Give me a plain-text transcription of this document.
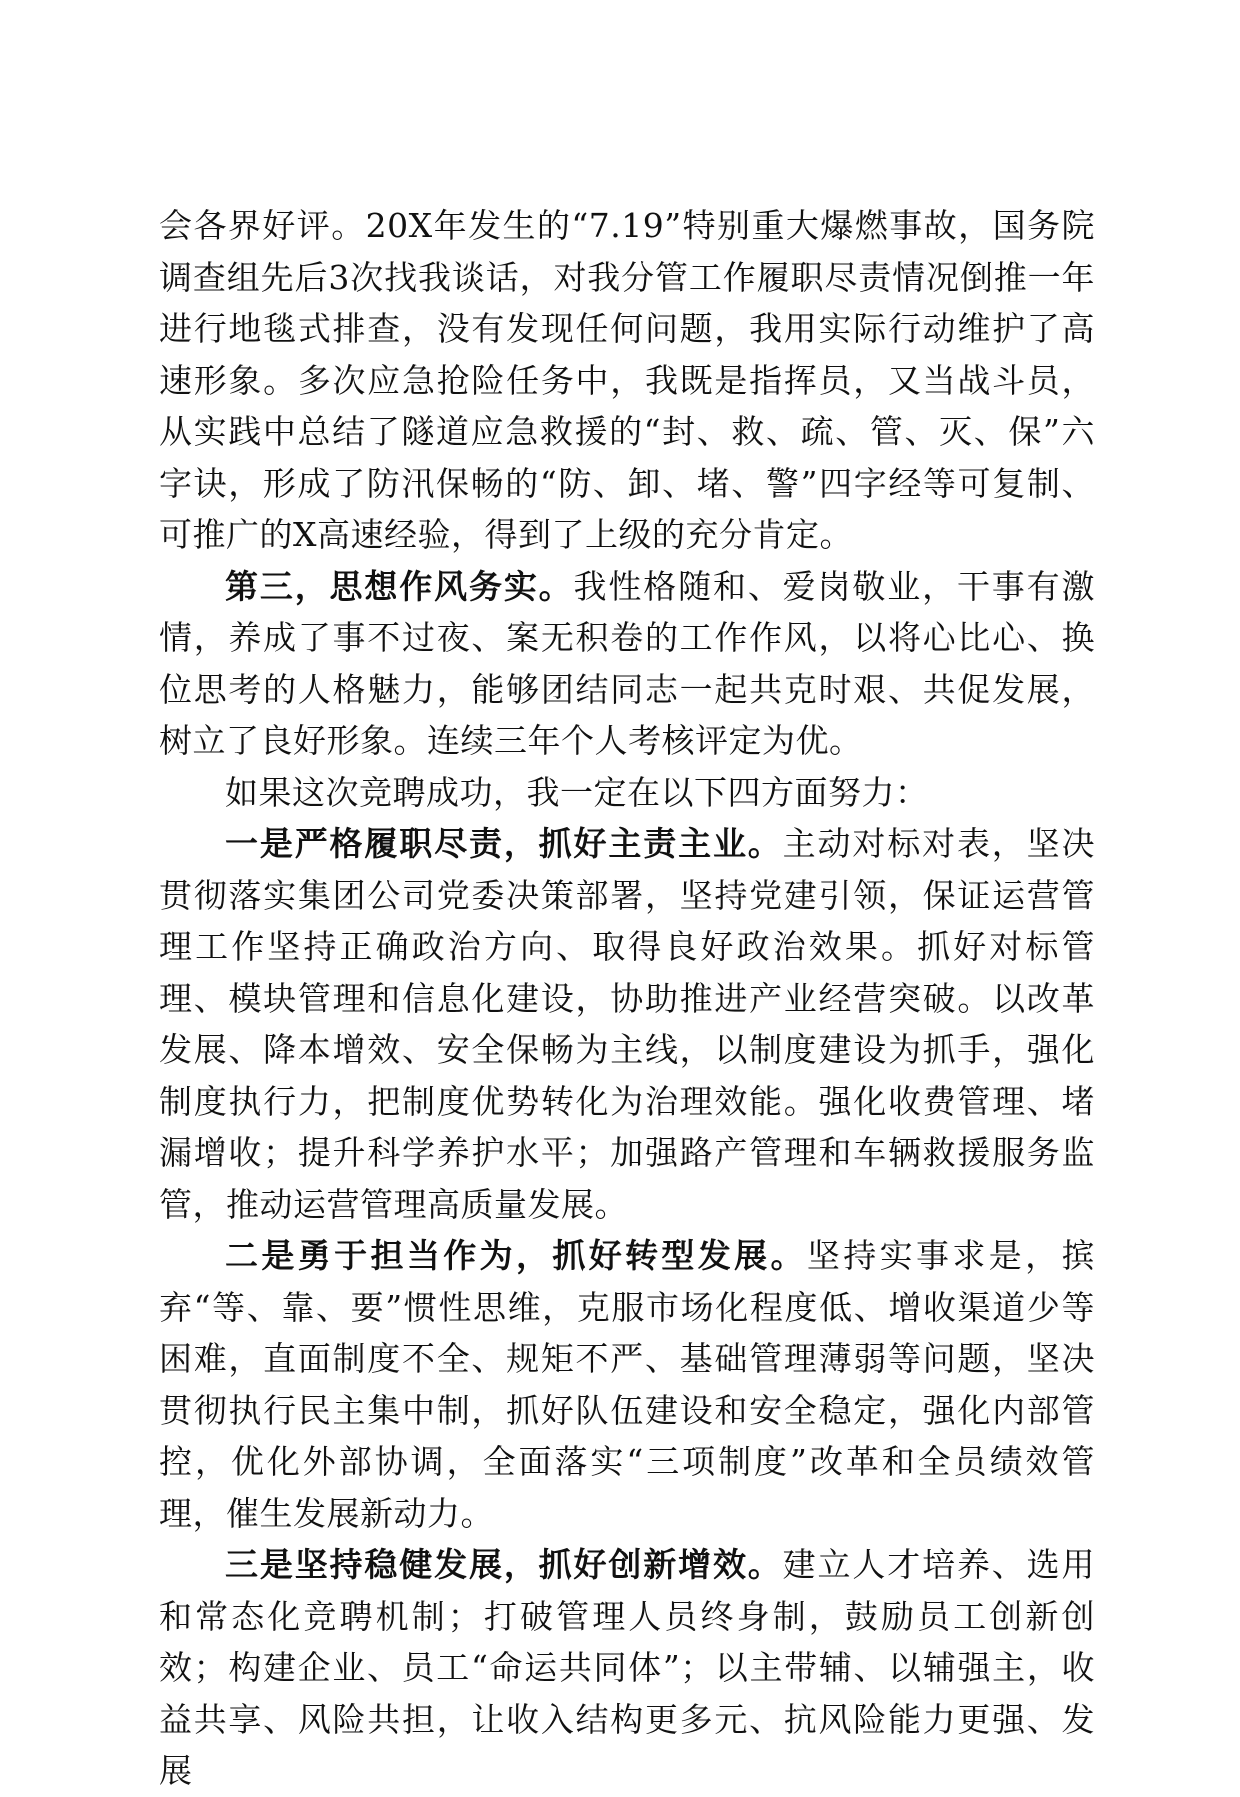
会各界好评。20X年发生的“7.19”特别重大爆燃事故，国务院调查组先后3次找我谈话，对我分管工作履职尽责情况倒推一年进行地毯式排查，没有发现任何问题，我用实际行动维护了高速形象。多次应急抢险任务中，我既是指挥员，又当战斗员，从实践中总结了隧道应急救援的“封、救、疏、管、灭、保”六字诀，形成了防汛保畅的“防、卸、堵、警”四字经等可复制、可推广的X高速经验，得到了上级的充分肯定。

第三，思想作风务实。我性格随和、爱岗敬业，干事有激情，养成了事不过夜、案无积卷的工作作风，以将心比心、换位思考的人格魅力，能够团结同志一起共克时艰、共促发展，树立了良好形象。连续三年个人考核评定为优。

如果这次竞聘成功，我一定在以下四方面努力：

一是严格履职尽责，抓好主责主业。主动对标对表，坚决贯彻落实集团公司党委决策部署，坚持党建引领，保证运营管理工作坚持正确政治方向、取得良好政治效果。抓好对标管理、模块管理和信息化建设，协助推进产业经营突破。以改革发展、降本增效、安全保畅为主线，以制度建设为抓手，强化制度执行力，把制度优势转化为治理效能。强化收费管理、堵漏增收；提升科学养护水平；加强路产管理和车辆救援服务监管，推动运营管理高质量发展。

二是勇于担当作为，抓好转型发展。坚持实事求是，摈弃“等、靠、要”惯性思维，克服市场化程度低、增收渠道少等困难，直面制度不全、规矩不严、基础管理薄弱等问题，坚决贯彻执行民主集中制，抓好队伍建设和安全稳定，强化内部管控，优化外部协调，全面落实“三项制度”改革和全员绩效管理，催生发展新动力。

三是坚持稳健发展，抓好创新增效。建立人才培养、选用和常态化竞聘机制；打破管理人员终身制，鼓励员工创新创效；构建企业、员工“命运共同体”；以主带辅、以辅强主，收益共享、风险共担，让收入结构更多元、抗风险能力更强、发展
